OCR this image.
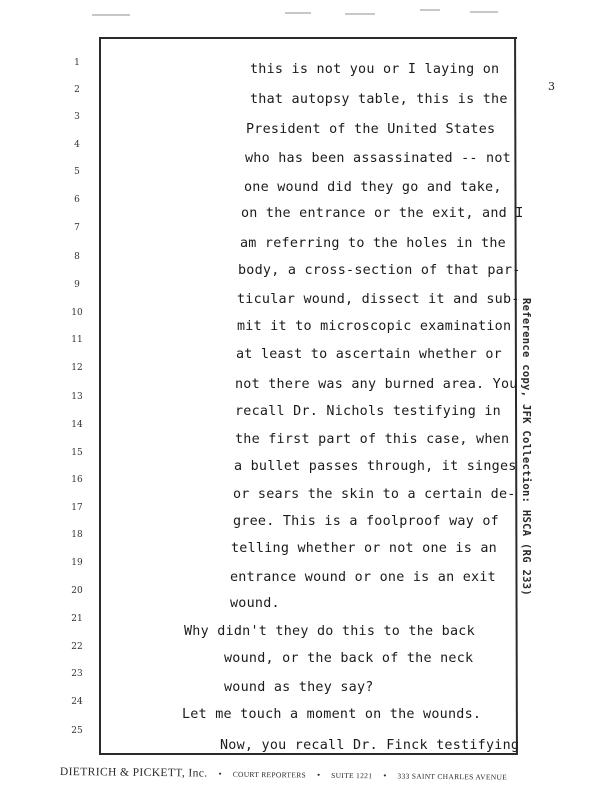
3
1
2
3
4
5
6
7
8
9
10
11
12
13
14
15
16
17
18
19
20
21
22
23
24
25
this is not you or I laying on
that autopsy table, this is the
President of the United States
who has been assassinated -- not
one wound did they go and take,
on the entrance or the exit, and I
am referring to the holes in the
body, a cross-section of that par-
ticular wound, dissect it and sub-
mit it to microscopic examination
at least to ascertain whether or
not there was any burned area. You
recall Dr. Nichols testifying in
the first part of this case, when
a bullet passes through, it singes
or sears the skin to a certain de-
gree. This is a foolproof way of
telling whether or not one is an
entrance wound or one is an exit
wound.
Why didn't they do this to the back
wound, or the back of the neck
wound as they say?
Let me touch a moment on the wounds.
Now, you recall Dr. Finck testifying
Reference copy, JFK Collection: HSCA (RG 233)
DIETRICH & PICKETT, Inc. • COURT REPORTERS • SUITE 1221 • 333 SAINT CHARLES AVENUE
